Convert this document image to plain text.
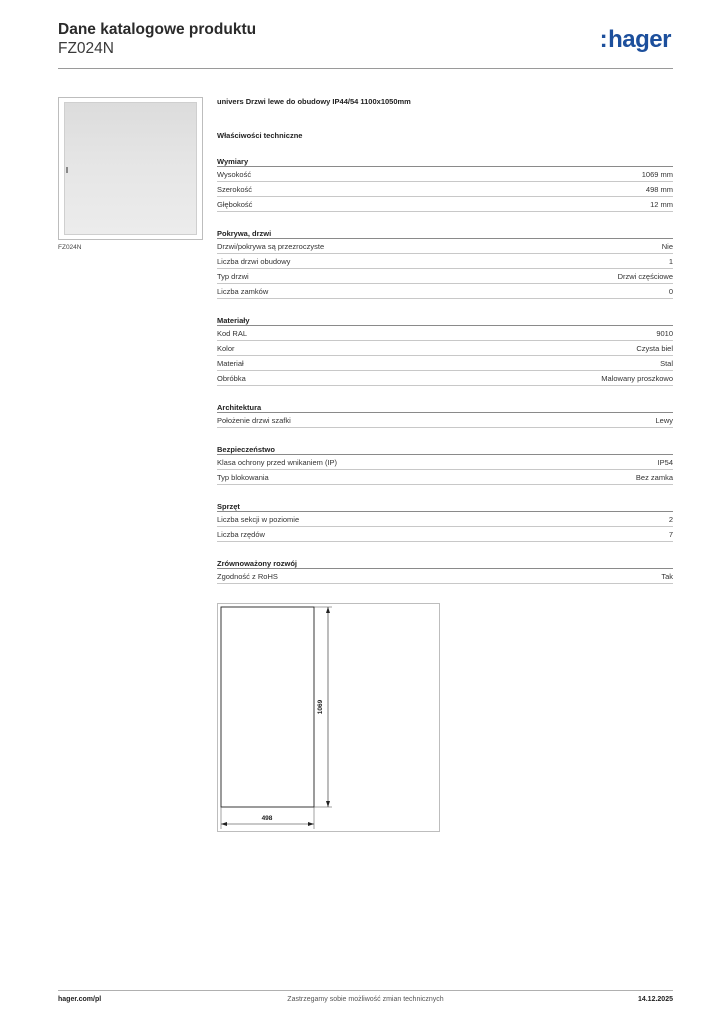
Dane katalogowe produktu
FZ024N	:hager
FZ024N
univers Drzwi lewe do obudowy IP44/54 1100x1050mm
Właściwości techniczne
Wymiary
Wysokość	1069 mm
Szerokość	498 mm
Głębokość	12 mm
Pokrywa, drzwi
Drzwi/pokrywa są przezroczyste	Nie
Liczba drzwi obudowy	1
Typ drzwi	Drzwi częściowe
Liczba zamków	0
Materiały
Kod RAL	9010
Kolor	Czysta biel
Materiał	Stal
Obróbka	Malowany proszkowo
Architektura
Położenie drzwi szafki	Lewy
Bezpieczeństwo
Klasa ochrony przed wnikaniem (IP)	IP54
Typ blokowania	Bez zamka
Sprzęt
Liczba sekcji w poziomie	2
Liczba rzędów	7
Zrównoważony rozwój
Zgodność z RoHS	Tak
1069
498
hager.com/pl	Zastrzegamy sobie możliwość zmian technicznych	14.12.2025
